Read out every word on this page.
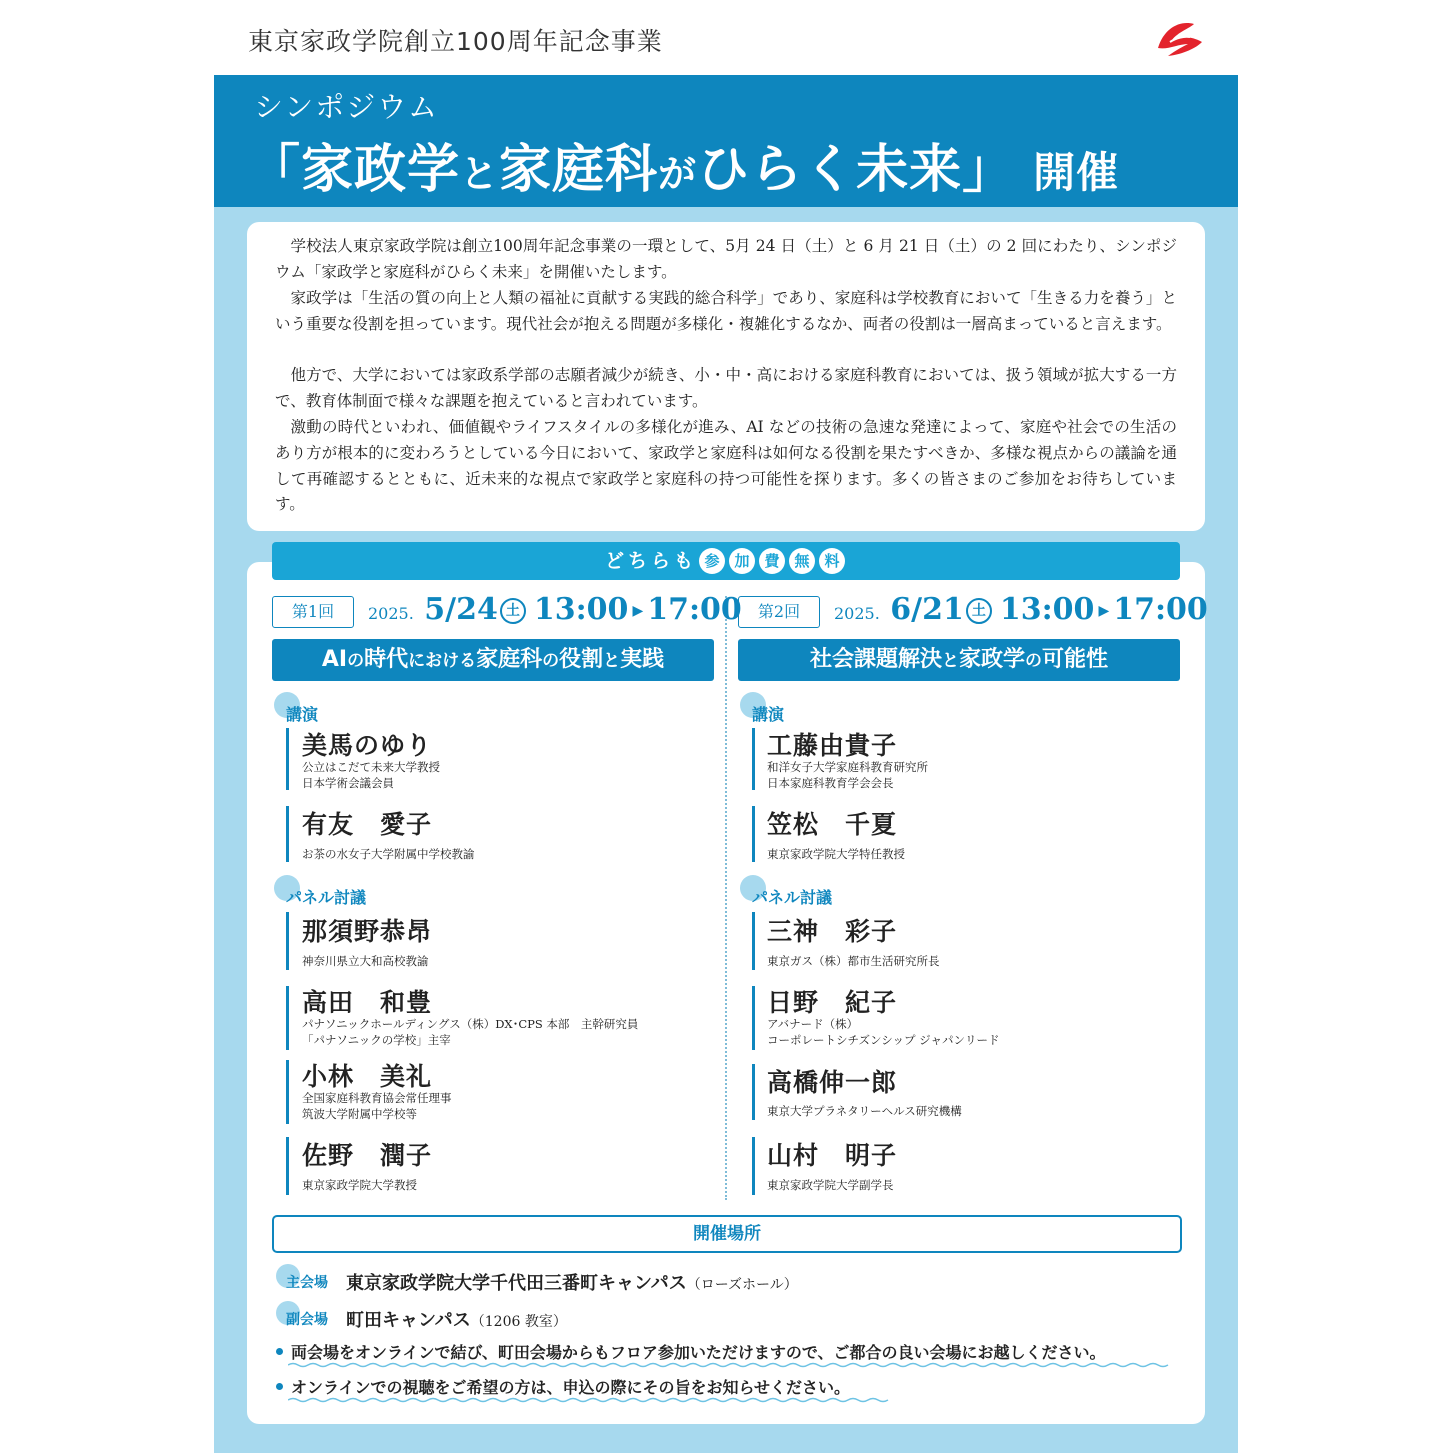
東京家政学院創立100周年記念事業
シンポジウム
「家政学と家庭科がひらく未来」 開催

学校法人東京家政学院は創立100周年記念事業の一環として、5月 24 日（土）と 6 月 21 日（土）の 2 回にわたり、シンポジウム「家政学と家庭科がひらく未来」を開催いたします。

家政学は「生活の質の向上と人類の福祉に貢献する実践的総合科学」であり、家庭科は学校教育において「生きる力を養う」という重要な役割を担っています。現代社会が抱える問題が多様化・複雑化するなか、両者の役割は一層高まっていると言えます。

他方で、大学においては家政系学部の志願者減少が続き、小・中・高における家庭科教育においては、扱う領域が拡大する一方で、教育体制面で様々な課題を抱えていると言われています。

激動の時代といわれ、価値観やライフスタイルの多様化が進み、AI などの技術の急速な発達によって、家庭や社会での生活のあり方が根本的に変わろうとしている今日において、家政学と家庭科は如何なる役割を果たすべきか、多様な視点からの議論を通して再確認するとともに、近未来的な視点で家政学と家庭科の持つ可能性を探ります。多くの皆さまのご参加をお待ちしています。

どちらも 参 加 費 無 料
第1回	2025. 5/24 土 13:00 ▶ 17:00
AIの時代における家庭科の役割と実践
講演
美馬のゆり
公立はこだて未来大学教授
日本学術会議会員
有友　愛子
お茶の水女子大学附属中学校教諭
パネル討議
那須野恭昂
神奈川県立大和高校教諭
高田　和豊
パナソニックホールディングス（株）DX･CPS 本部　主幹研究員
「パナソニックの学校」主宰
小林　美礼
全国家庭科教育協会常任理事
筑波大学附属中学校等
佐野　潤子
東京家政学院大学教授
第2回	2025. 6/21 土 13:00 ▶ 17:00
社会課題解決と家政学の可能性
講演
工藤由貴子
和洋女子大学家庭科教育研究所
日本家庭科教育学会会長
笠松　千夏
東京家政学院大学特任教授
パネル討議
三神　彩子
東京ガス（株）都市生活研究所長
日野　紀子
アバナード（株）
コーポレートシチズンシップ ジャパンリード
高橋伸一郎
東京大学プラネタリーヘルス研究機構
山村　明子
東京家政学院大学副学長
開催場所
主会場 東京家政学院大学千代田三番町キャンパス（ローズホール）
副会場 町田キャンパス（1206 教室）
両会場をオンラインで結び、町田会場からもフロア参加いただけますので、ご都合の良い会場にお越しください。
オンラインでの視聴をご希望の方は、申込の際にその旨をお知らせください。
